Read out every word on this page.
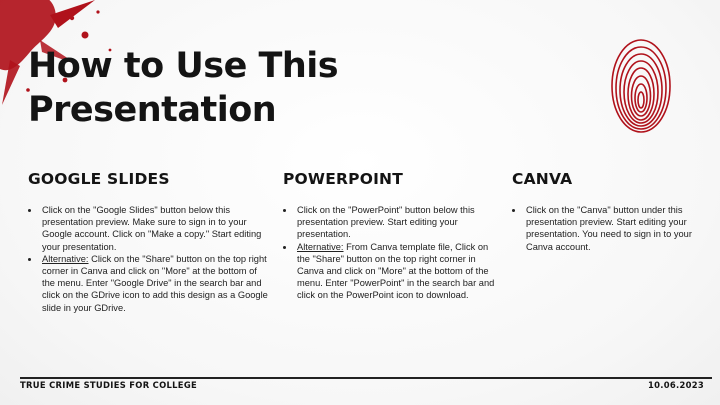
How to Use This
Presentation
GOOGLE SLIDES
• Click on the "Google Slides" button below this presentation preview. Make sure to sign in to your Google account. Click on "Make a copy." Start editing your presentation.
• Alternative: Click on the "Share" button on the top right corner in Canva and click on "More" at the bottom of the menu. Enter "Google Drive" in the search bar and click on the GDrive icon to add this design as a Google slide in your GDrive.
POWERPOINT
• Click on the "PowerPoint" button below this presentation preview. Start editing your presentation.
• Alternative: From Canva template file, Click on the "Share" button on the top right corner in Canva and click on "More" at the bottom of the menu. Enter "PowerPoint" in the search bar and click on the PowerPoint icon to download.
CANVA
• Click on the "Canva" button under this presentation preview. Start editing your presentation. You need to sign in to your Canva account.
TRUE CRIME STUDIES FOR COLLEGE	10.06.2023
